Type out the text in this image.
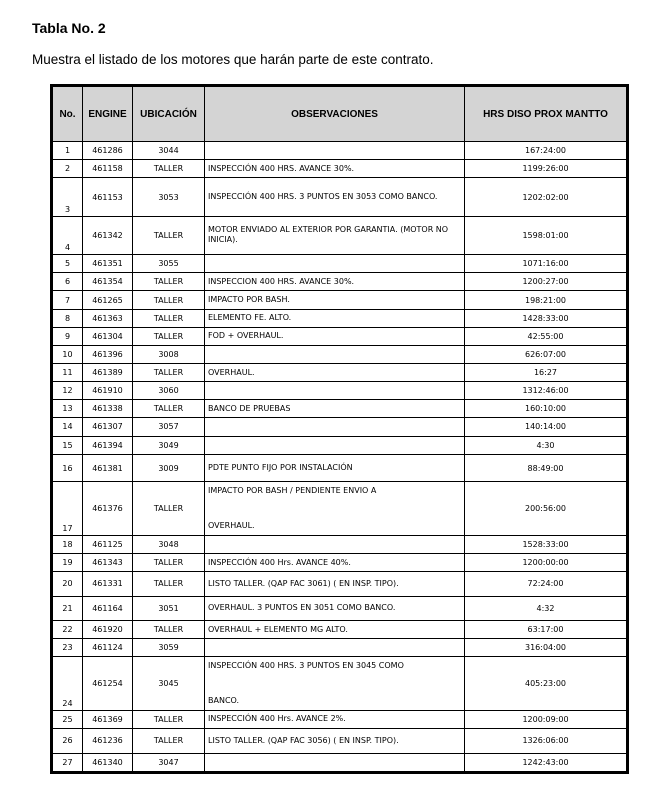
Tabla No. 2
Muestra el listado de los motores que harán parte de este contrato.
No.	ENGINE	UBICACIÓN	OBSERVACIONES	HRS DISO PROX MANTTO
1	461286	3044		167:24:00
2	461158	TALLER	INSPECCIÓN 400 HRS. AVANCE 30%.	1199:26:00
3	461153	3053	INSPECCIÓN 400 HRS. 3 PUNTOS EN 3053 COMO BANCO.	1202:02:00
4	461342	TALLER	MOTOR ENVIADO AL EXTERIOR POR GARANTIA. (MOTOR NO INICIA).	1598:01:00
5	461351	3055		1071:16:00
6	461354	TALLER	INSPECCION 400 HRS. AVANCE 30%.	1200:27:00
7	461265	TALLER	IMPACTO POR BASH.	198:21:00
8	461363	TALLER	ELEMENTO FE. ALTO.	1428:33:00
9	461304	TALLER	FOD + OVERHAUL.	42:55:00
10	461396	3008		626:07:00
11	461389	TALLER	OVERHAUL.	16:27
12	461910	3060		1312:46:00
13	461338	TALLER	BANCO DE PRUEBAS	160:10:00
14	461307	3057		140:14:00
15	461394	3049		4:30
16	461381	3009	PDTE PUNTO FIJO POR INSTALACIÓN	88:49:00
17	461376	TALLER	IMPACTO POR BASH / PENDIENTE ENVIO A
OVERHAUL.	200:56:00
18	461125	3048		1528:33:00
19	461343	TALLER	INSPECCIÓN 400 Hrs. AVANCE 40%.	1200:00:00
20	461331	TALLER	LISTO TALLER. (QAP FAC 3061) ( EN INSP. TIPO).	72:24:00
21	461164	3051	OVERHAUL. 3 PUNTOS EN 3051 COMO BANCO.	4:32
22	461920	TALLER	OVERHAUL + ELEMENTO MG ALTO.	63:17:00
23	461124	3059		316:04:00
24	461254	3045	INSPECCIÓN 400 HRS. 3 PUNTOS EN 3045 COMO
BANCO.	405:23:00
25	461369	TALLER	INSPECCIÓN 400 Hrs. AVANCE 2%.	1200:09:00
26	461236	TALLER	LISTO TALLER. (QAP FAC 3056) ( EN INSP. TIPO).	1326:06:00
27	461340	3047		1242:43:00
